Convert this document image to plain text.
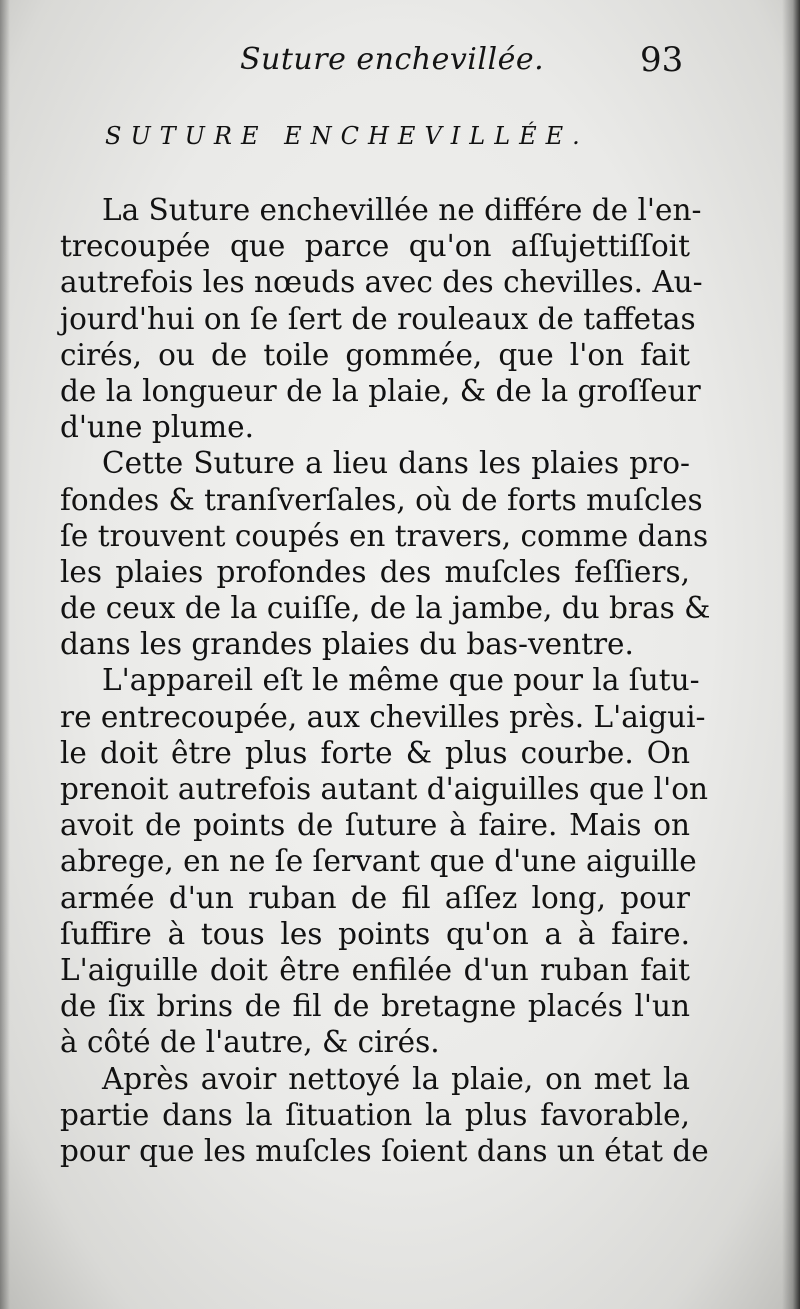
Suture enchevillée.	93
SUTURE ENCHEVILLÉE.
La Suture enchevillée ne différe de l'en-
trecoupée que parce qu'on aſſujettiſſoit
autrefois les nœuds avec des chevilles. Au-
jourd'hui on ſe ſert de rouleaux de taffetas
cirés, ou de toile gommée, que l'on fait
de la longueur de la plaie, & de la groſſeur
d'une plume.
Cette Suture a lieu dans les plaies pro-
fondes & tranſverſales, où de forts muſcles
ſe trouvent coupés en travers, comme dans
les plaies profondes des muſcles feſſiers,
de ceux de la cuiſſe, de la jambe, du bras &
dans les grandes plaies du bas-ventre.
L'appareil eſt le même que pour la ſutu-
re entrecoupée, aux chevilles près. L'aigui-
le doit être plus forte & plus courbe. On
prenoit autrefois autant d'aiguilles que l'on
avoit de points de ſuture à faire. Mais on
abrege, en ne ſe ſervant que d'une aiguille
armée d'un ruban de fil aſſez long, pour
ſuffire à tous les points qu'on a à faire.
L'aiguille doit être enfilée d'un ruban fait
de ſix brins de fil de bretagne placés l'un
à côté de l'autre, & cirés.
Après avoir nettoyé la plaie, on met la
partie dans la ſituation la plus favorable,
pour que les muſcles ſoient dans un état de
